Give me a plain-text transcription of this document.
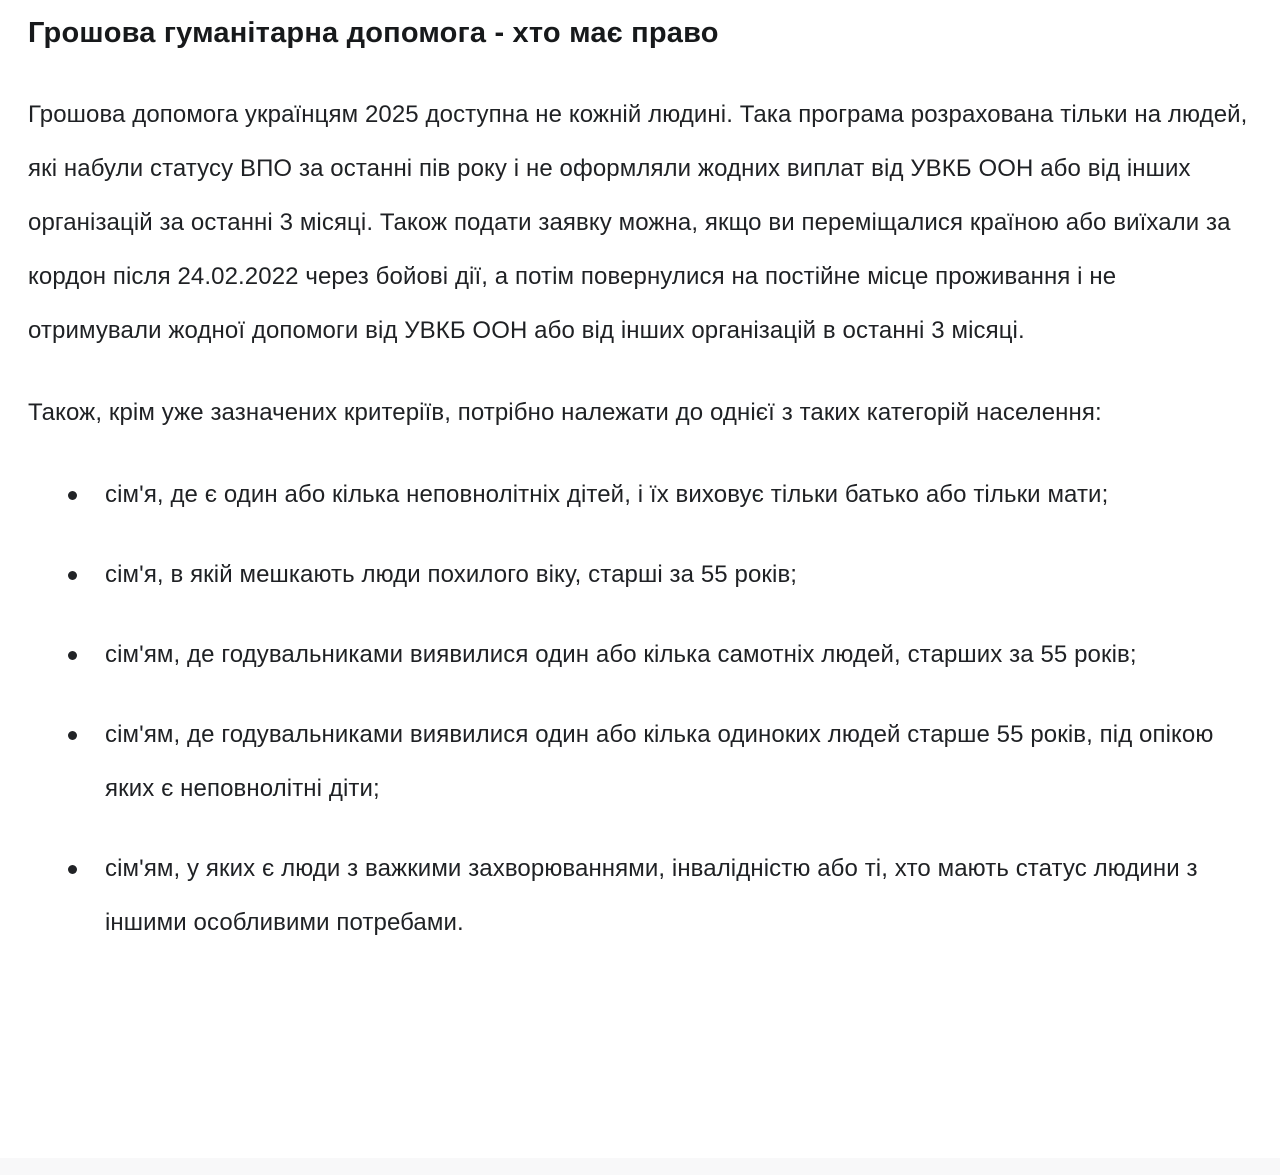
Грошова гуманітарна допомога - хто має право

Грошова допомога українцям 2025 доступна не кожній людині. Така програма розрахована тільки на людей, які набули статусу ВПО за останні пів року і не оформляли жодних виплат від УВКБ ООН або від інших організацій за останні 3 місяці. Також подати заявку можна, якщо ви переміщалися країною або виїхали за кордон після 24.02.2022 через бойові дії, а потім повернулися на постійне місце проживання і не отримували жодної допомоги від УВКБ ООН або від інших організацій в останні 3 місяці.

Також, крім уже зазначених критеріїв, потрібно належати до однієї з таких категорій населення:

сім'я, де є один або кілька неповнолітніх дітей, і їх виховує тільки батько або тільки мати;
сім'я, в якій мешкають люди похилого віку, старші за 55 років;
сім'ям, де годувальниками виявилися один або кілька самотніх людей, старших за 55 років;
сім'ям, де годувальниками виявилися один або кілька одиноких людей старше 55 років, під опікою яких є неповнолітні діти;
сім'ям, у яких є люди з важкими захворюваннями, інвалідністю або ті, хто мають статус людини з іншими особливими потребами.
